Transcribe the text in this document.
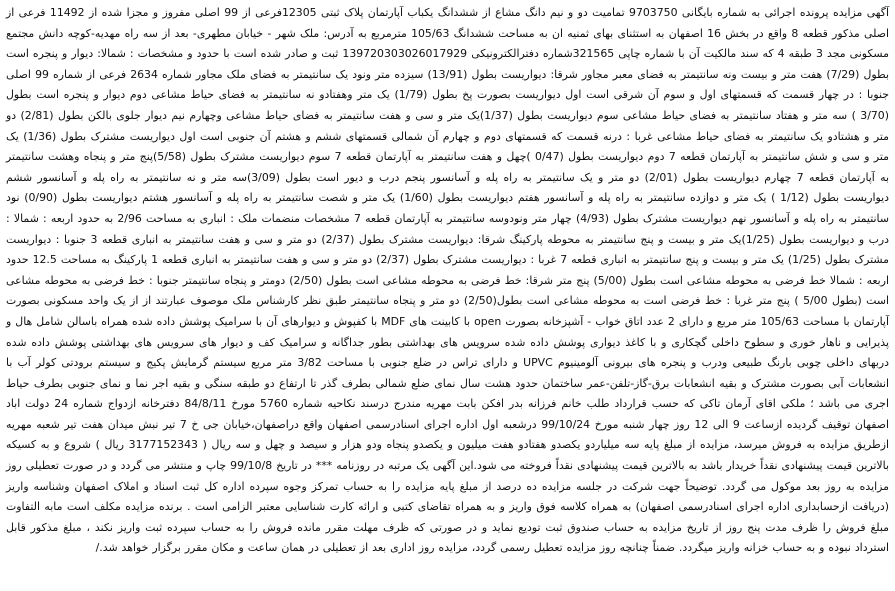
آگهی مزایده پرونده اجرائی به شماره بایگانی 9703750 تمامیت دو و نیم دانگ مشاع از ششدانگ یکباب آپارتمان پلاک ثبتی 12305فرعی از 99 اصلی مفروز و مجزا شده از 11492 فرعی از اصلی مذکور قطعه 8 واقع در بخش 16 اصفهان به استثنای بهای ثمنیه ان به مساحت ششدانگ 105/63 مترمربع به آدرس: ملک شهر - خیابان مطهری- بعد از سه راه مهدیه-کوچه دانش مجتمع مسکونی مجد 3 طبقه 4 که سند مالکیت آن با شماره چاپی 321565شماره دفترالکترونیکی 139720303026017929 ثبت و صادر شده است با حدود و مشخصات : شمالا: دیوار و پنجره است بطول (7/29) هفت متر و بیست ونه سانتیمتر به فضای معبر مجاور شرقا: دیواریست بطول (13/91) سیزده متر ونود یک سانتیمتر به فضای ملک مجاور شماره 2634 فرعی از شماره 99 اصلی جنوبا : در چهار قسمت که قسمتهای اول و سوم آن شرقی است اول دیواریست بصورت پخ بطول (1/79) یک متر وهفتادو نه سانتیمتر به فضای حیاط مشاعی دوم دیوار و پنجره است بطول (3/70 ) سه متر و هفتاد سانتیمتر به فضای حیاط مشاعی سوم دیواریست بطول (1/37)یک متر و سی و هفت سانتیمتر به فضای حیاط مشاعی وچهارم نیم دیوار جلوی بالکن بطول (2/81) دو متر و هشتادو یک سانتیمتر به فضای حیاط مشاعی غربا : درنه قسمت که قسمتهای دوم و چهارم آن شمالی قسمتهای ششم و هشتم آن جنوبی است اول دیواریست مشترک بطول (1/36) یک متر و سی و شش سانتیمتر به آپارتمان قطعه 7 دوم دیواریست بطول (0/47 )چهل و هفت سانتیمتر به آپارتمان قطعه 7 سوم دیواریست مشترک بطول (5/58)پنج متر و پنجاه وهشت سانتیمتر به آپارتمان قطعه 7 چهارم دیواریست بطول (2/01) دو متر و یک سانتیمتر به راه پله و آسانسور پنجم درب و دیور است بطول (3/09)سه متر و نه سانتیمتر به راه پله و آسانسور ششم دیواریست بطول (1/12 ) یک متر و دوازده سانتیمتر به راه پله و آسانسور هفتم دیواریست بطول (1/60) یک متر و شصت سانتیمتر به راه پله و آسانسور هشتم دیواریست بطول (0/90) نود سانتیمتر به راه پله و آسانسور نهم دیواریست مشترک بطول (4/93) چهار متر ونودوسه سانتیمتر به آپارتمان قطعه 7 مشخصات منضمات ملک : انباری به مساحت 2/96 به حدود اربعه : شمالا : درب و دیواریست بطول (1/25)یک متر و بیست و پنج سانتیمتر به محوطه پارکینگ شرقا: دیواریست مشترک بطول (2/37) دو متر و سی و هفت سانتیمتر به انباری قطعه 3 جنوبا : دیواریست مشترک بطول (1/25) یک متر و بیست و پنج سانتیمتر به انباری قطعه 7 غربا : دیواریست مشترک بطول (2/37) دو متر و سی و هفت سانتیمتر به انباری قطعه 1 پارکینگ به مساحت 12.5 حدود اربعه : شمالا خط فرضی به محوطه مشاعی است بطول (5/00) پنج متر شرقا: خط فرضی به محوطه مشاعی است بطول (2/50) دومتر و پنجاه سانتیمتر جنوبا : خط فرضی به محوطه مشاعی است (بطول 5/00 ) پنج متر غربا : خط فرضی است به محوطه مشاعی است بطول(2/50) دو متر و پنجاه سانتیمتر طبق نظر کارشناس ملک موصوف عبارتند از از یک واحد مسکونی بصورت آپارتمان با مساحت 105/63 متر مربع و دارای 2 عدد اتاق خواب - آشپزخانه بصورت open با کابینت های MDF با کفپوش و دیوارهای آن با سرامیک پوشش داده شده همراه باسالن شامل هال و پذیرایی و ناهار خوری و سطوح داخلی گچکاری و با کاغذ دیواری پوشش داده شده سرویس های بهداشتی بطور جداگانه و سرامیک کف و دیوار های سرویس های بهداشتی پوشش داده شده دربهای داخلی چوبی بارنگ طبیعی ودرب و پنجره های بیرونی آلومینیوم UPVC و دارای تراس در ضلع جنوبی با مساحت 3/82 متر مربع سیستم گرمایش پکیج و سیستم برودتی کولر آب با انشعابات آبی بصورت مشترک و بقیه انشعابات برق-گاز-تلفن-عمر ساختمان حدود هشت سال نمای ضلع شمالی بطرف گذر تا ارتفاع دو طبقه سنگی و بقیه اجر نما و نمای جنوبی بطرف حیاط اجری می باشد ؛ ملکی اقای آرمان تاکی که حسب قرارداد طلب خانم فرزانه بدر افکن بابت مهریه مندرج درسند نکاحیه شماره 5760 مورخ 84/8/11 دفترخانه ازدواج شماره 24 دولت اباد اصفهان توقیف گردیده ازساعت 9 الی 12 روز چهار شنبه مورخ 99/10/24 درشعبه اول اداره اجرای اسنادرسمی اصفهان واقع دراصفهان،خیابان جی خ 7 تیر نبش میدان هفت تیر شعبه مهریه ازطریق مزایده به فروش میرسد، مزایده از مبلغ پایه سه میلیاردو یکصدو هفتادو هفت میلیون و یکصدو پنجاه ودو هزار و سیصد و چهل و سه ریال ( 3177152343 ریال ) شروع و به کسیکه بالاترین قیمت پیشنهادی نقداً خریدار باشد به بالاترین قیمت پیشنهادی نقداً فروخته می شود.این آگهی یک مرتبه در روزنامه *** در تاریخ 99/10/8 چاپ و منتشر می گردد و در صورت تعطیلی روز مزایده به روز بعد موکول می گردد. توضیحاً جهت شرکت در جلسه مزایده ده درصد از مبلغ پایه مزایده را به حساب تمرکز وجوه سپرده اداره کل ثبت اسناد و املاک اصفهان وشناسه واریز (دریافت ازحسابداری اداره اجرای اسنادرسمی اصفهان) به همراه کلاسه فوق واریز و به همراه تقاضای کتبی و ارائه کارت شناسایی معتبر الزامی است . برنده مزایده مکلف است مابه التفاوت مبلغ فروش را ظرف مدت پنج روز از تاریخ مزایده به حساب صندوق ثبت تودیع نماید و در صورتی که ظرف مهلت مقرر مانده فروش را به حساب سپرده ثبت واریز نکند ، مبلغ مذکور قابل استرداد نبوده و به حساب خزانه واریز میگردد. ضمناً چنانچه روز مزایده تعطیل رسمی گردد، مزایده روز اداری بعد از تعطیلی در همان ساعت و مکان مقرر برگزار خواهد شد./
